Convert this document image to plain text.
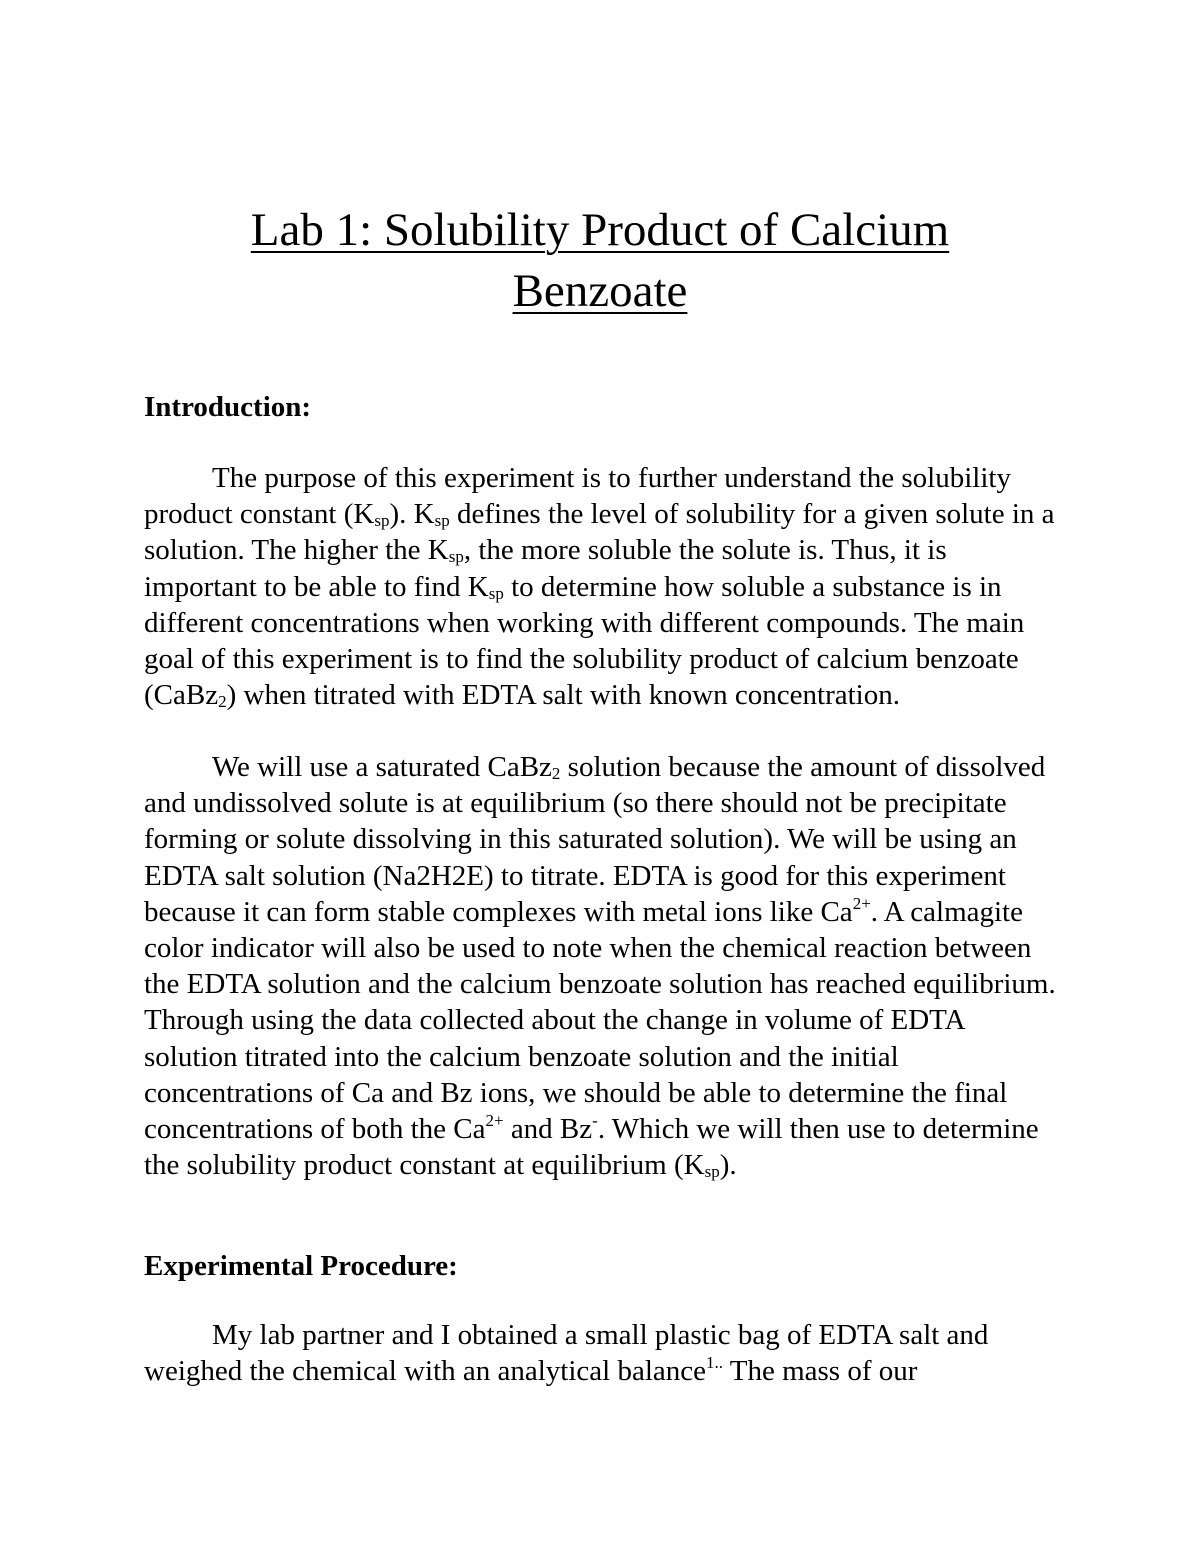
Lab 1: Solubility Product of Calcium
Benzoate
Introduction:

The purpose of this experiment is to further understand the solubility product constant $(K_{sp})$. $K_{sp}$ defines the level of solubility for a given solute in a solution. The higher the $K_{sp}$, the more soluble the solute is. Thus, it is important to be able to find $K_{sp}$ to determine how soluble a substance is in different concentrations when working with different compounds. The main goal of this experiment is to find the solubility product of calcium benzoate (CaBz$_2$) when titrated with EDTA salt with known concentration.

We will use a saturated CaBz$_2$ solution because the amount of dissolved and undissolved solute is at equilibrium (so there should not be precipitate forming or solute dissolving in this saturated solution). We will be using an EDTA salt solution (Na2H2E) to titrate. EDTA is good for this experiment because it can form stable complexes with metal ions like $Ca^{2+}$. A calmagite color indicator will also be used to note when the chemical reaction between the EDTA solution and the calcium benzoate solution has reached equilibrium. Through using the data collected about the change in volume of EDTA solution titrated into the calcium benzoate solution and the initial concentrations of Ca and Bz ions, we should be able to determine the final concentrations of both the $Ca^{2+}$ and Bz-. Which we will then use to determine the solubility product constant at equilibrium $(K_{sp})$.

Experimental Procedure:

My lab partner and I obtained a small plastic bag of EDTA salt and weighed the chemical with an analytical balance$^{1..}$ The mass of our
